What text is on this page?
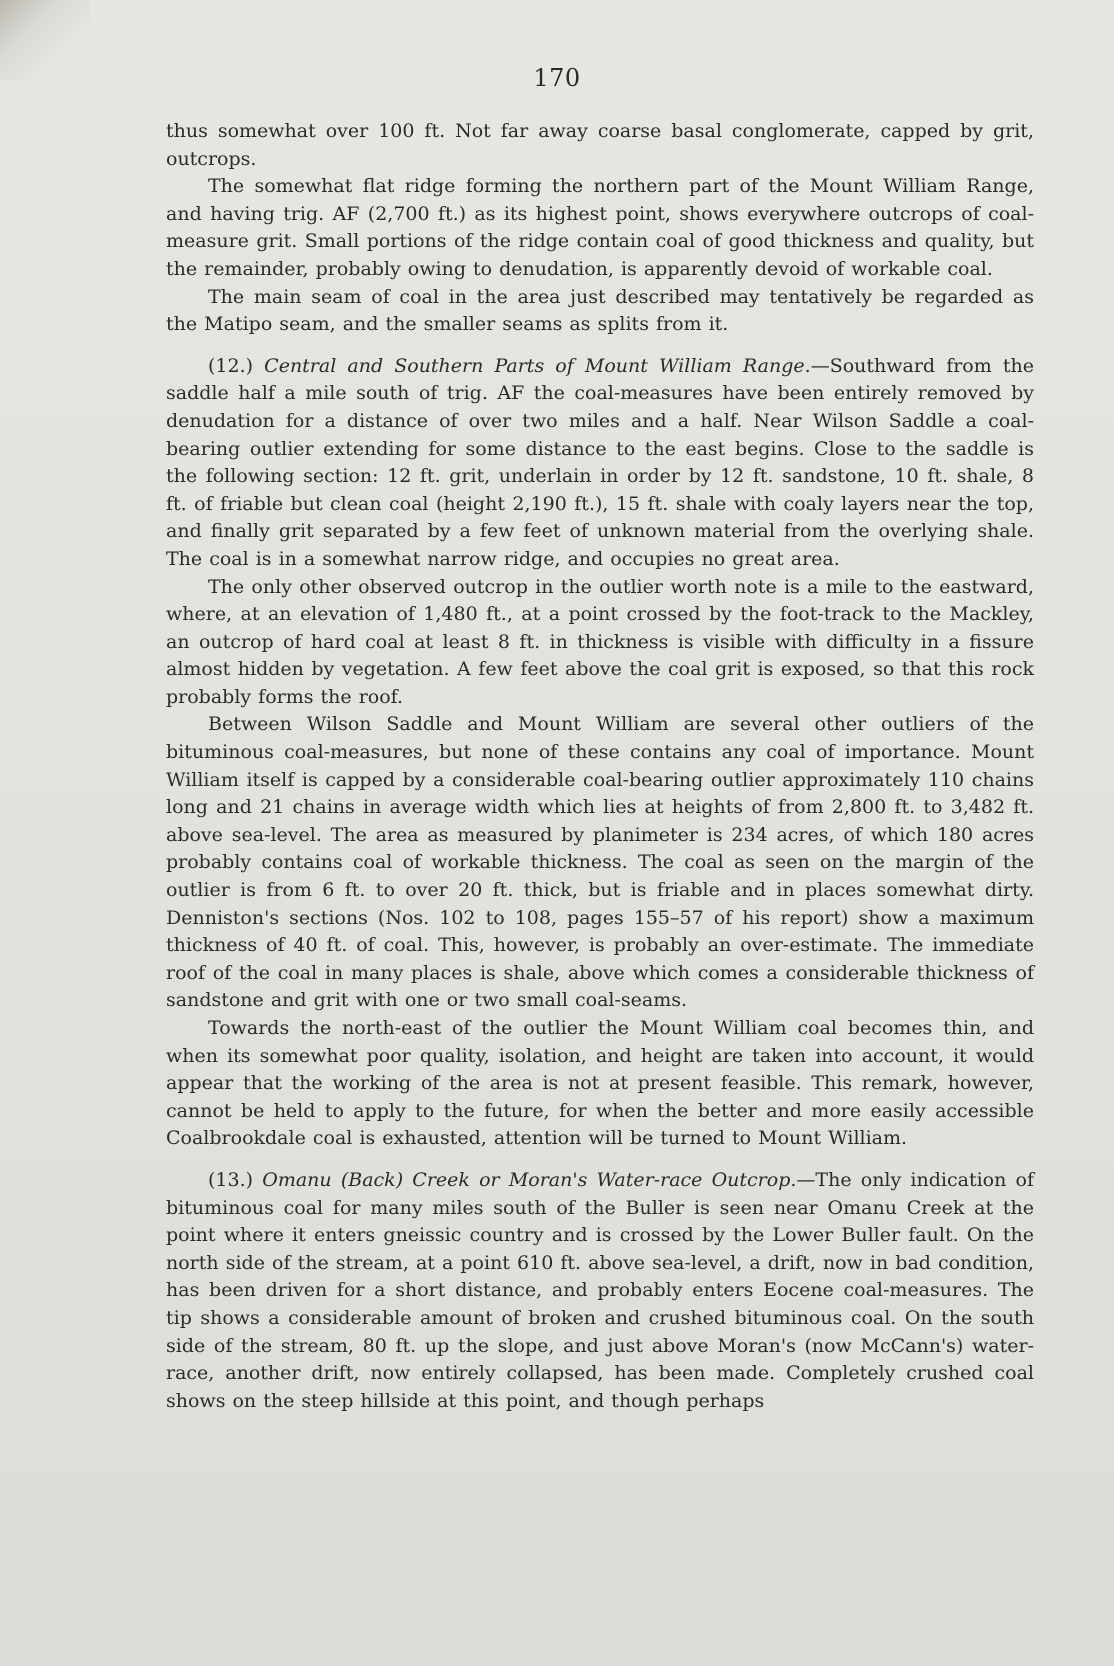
170

thus somewhat over 100 ft. Not far away coarse basal conglomerate, capped by grit, outcrops.

The somewhat flat ridge forming the northern part of the Mount William Range, and having trig. AF (2,700 ft.) as its highest point, shows everywhere outcrops of coal-measure grit. Small portions of the ridge contain coal of good thickness and quality, but the remainder, probably owing to denudation, is apparently devoid of workable coal.

The main seam of coal in the area just described may tentatively be regarded as the Matipo seam, and the smaller seams as splits from it.

(12.) Central and Southern Parts of Mount William Range.—Southward from the saddle half a mile south of trig. AF the coal-measures have been entirely removed by denudation for a distance of over two miles and a half. Near Wilson Saddle a coal-bearing outlier extending for some distance to the east begins. Close to the saddle is the following section: 12 ft. grit, underlain in order by 12 ft. sandstone, 10 ft. shale, 8 ft. of friable but clean coal (height 2,190 ft.), 15 ft. shale with coaly layers near the top, and finally grit separated by a few feet of unknown material from the overlying shale. The coal is in a somewhat narrow ridge, and occupies no great area.

The only other observed outcrop in the outlier worth note is a mile to the eastward, where, at an elevation of 1,480 ft., at a point crossed by the foot-track to the Mackley, an outcrop of hard coal at least 8 ft. in thickness is visible with difficulty in a fissure almost hidden by vegetation. A few feet above the coal grit is exposed, so that this rock probably forms the roof.

Between Wilson Saddle and Mount William are several other outliers of the bituminous coal-measures, but none of these contains any coal of importance. Mount William itself is capped by a considerable coal-bearing outlier approximately 110 chains long and 21 chains in average width which lies at heights of from 2,800 ft. to 3,482 ft. above sea-level. The area as measured by planimeter is 234 acres, of which 180 acres probably contains coal of workable thickness. The coal as seen on the margin of the outlier is from 6 ft. to over 20 ft. thick, but is friable and in places somewhat dirty. Denniston's sections (Nos. 102 to 108, pages 155–57 of his report) show a maximum thickness of 40 ft. of coal. This, however, is probably an over-estimate. The immediate roof of the coal in many places is shale, above which comes a considerable thickness of sandstone and grit with one or two small coal-seams.

Towards the north-east of the outlier the Mount William coal becomes thin, and when its somewhat poor quality, isolation, and height are taken into account, it would appear that the working of the area is not at present feasible. This remark, however, cannot be held to apply to the future, for when the better and more easily accessible Coalbrookdale coal is exhausted, attention will be turned to Mount William.

(13.) Omanu (Back) Creek or Moran's Water-race Outcrop.—The only indication of bituminous coal for many miles south of the Buller is seen near Omanu Creek at the point where it enters gneissic country and is crossed by the Lower Buller fault. On the north side of the stream, at a point 610 ft. above sea-level, a drift, now in bad condition, has been driven for a short distance, and probably enters Eocene coal-measures. The tip shows a considerable amount of broken and crushed bituminous coal. On the south side of the stream, 80 ft. up the slope, and just above Moran's (now McCann's) water-race, another drift, now entirely collapsed, has been made. Completely crushed coal shows on the steep hillside at this point, and though perhaps
